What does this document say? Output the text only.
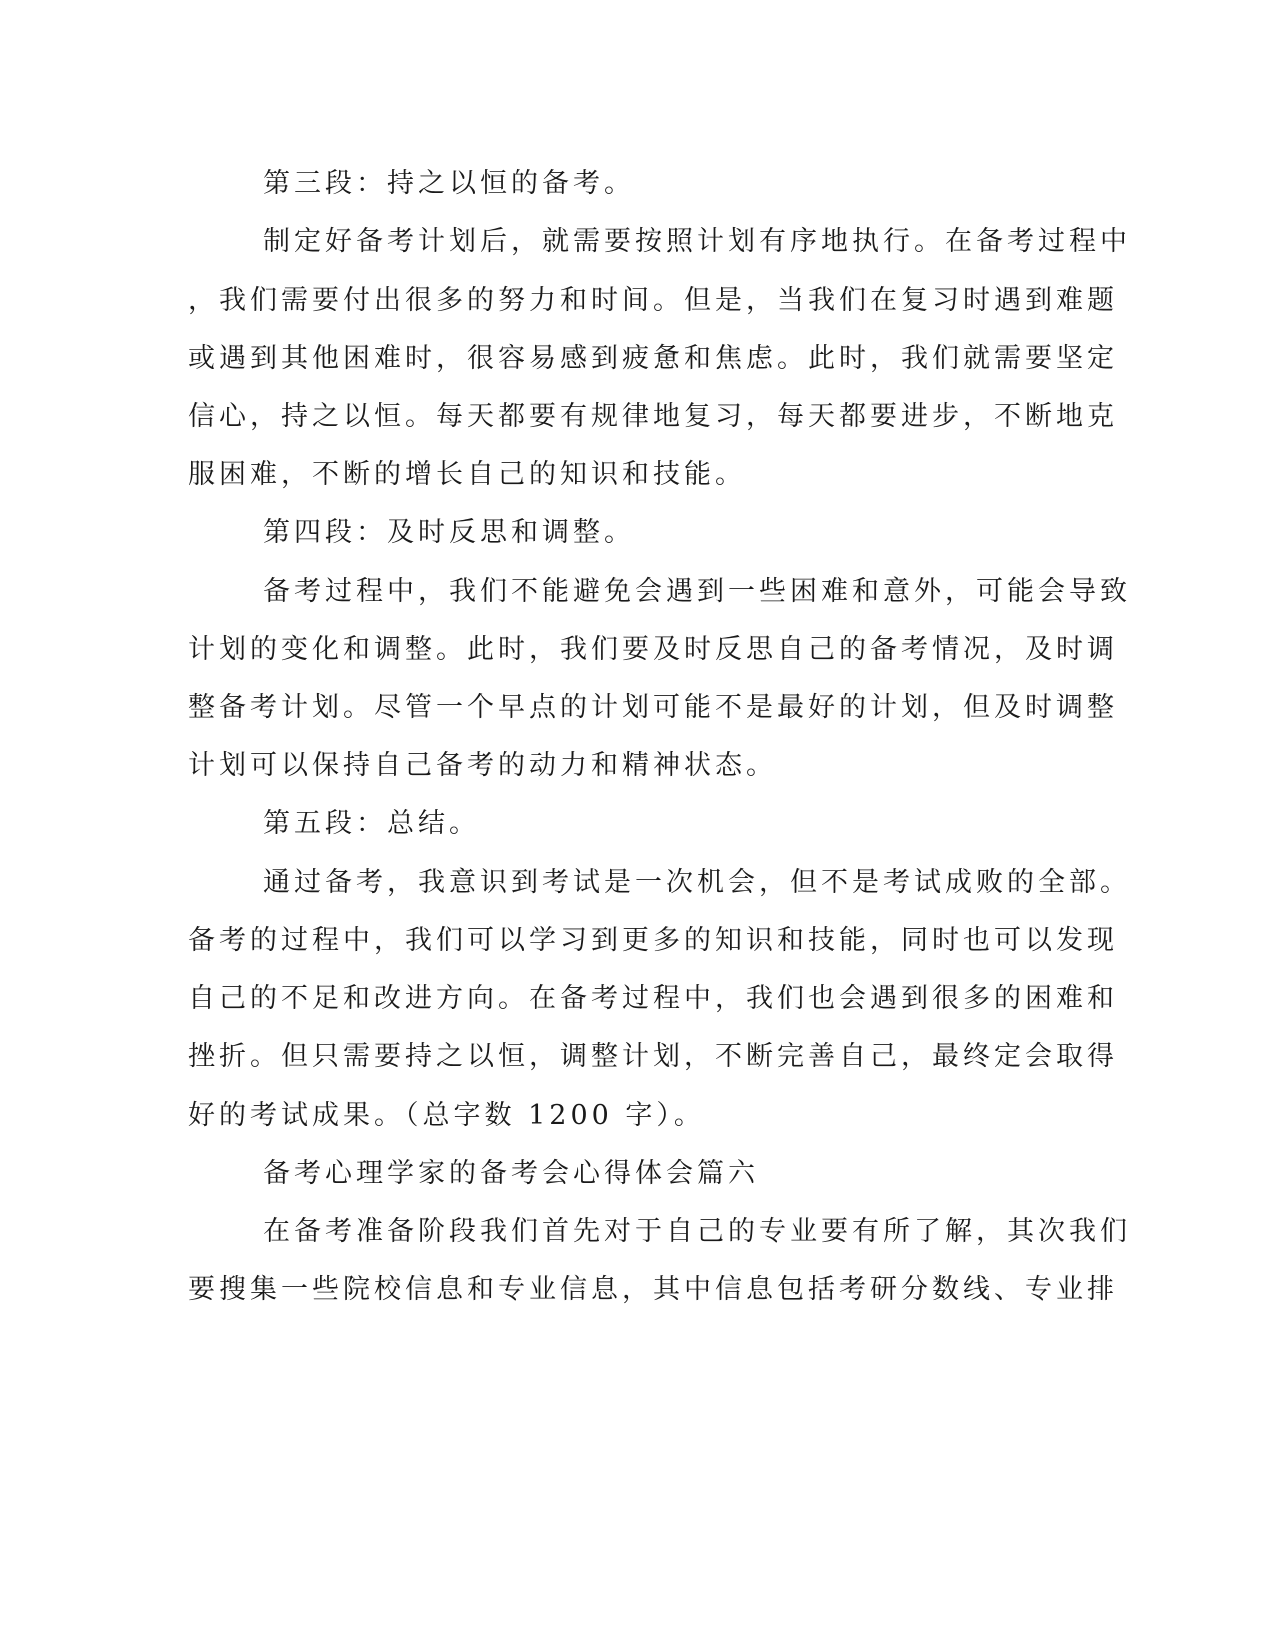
第三段：持之以恒的备考。
制定好备考计划后，就需要按照计划有序地执行。在备考过程中
，我们需要付出很多的努力和时间。但是，当我们在复习时遇到难题
或遇到其他困难时，很容易感到疲惫和焦虑。此时，我们就需要坚定
信心，持之以恒。每天都要有规律地复习，每天都要进步，不断地克
服困难，不断的增长自己的知识和技能。
第四段：及时反思和调整。
备考过程中，我们不能避免会遇到一些困难和意外，可能会导致
计划的变化和调整。此时，我们要及时反思自己的备考情况，及时调
整备考计划。尽管一个早点的计划可能不是最好的计划，但及时调整
计划可以保持自己备考的动力和精神状态。
第五段：总结。
通过备考，我意识到考试是一次机会，但不是考试成败的全部。
备考的过程中，我们可以学习到更多的知识和技能，同时也可以发现
自己的不足和改进方向。在备考过程中，我们也会遇到很多的困难和
挫折。但只需要持之以恒，调整计划，不断完善自己，最终定会取得
好的考试成果。（总字数 1200 字）。
备考心理学家的备考会心得体会篇六
在备考准备阶段我们首先对于自己的专业要有所了解，其次我们
要搜集一些院校信息和专业信息，其中信息包括考研分数线、专业排
